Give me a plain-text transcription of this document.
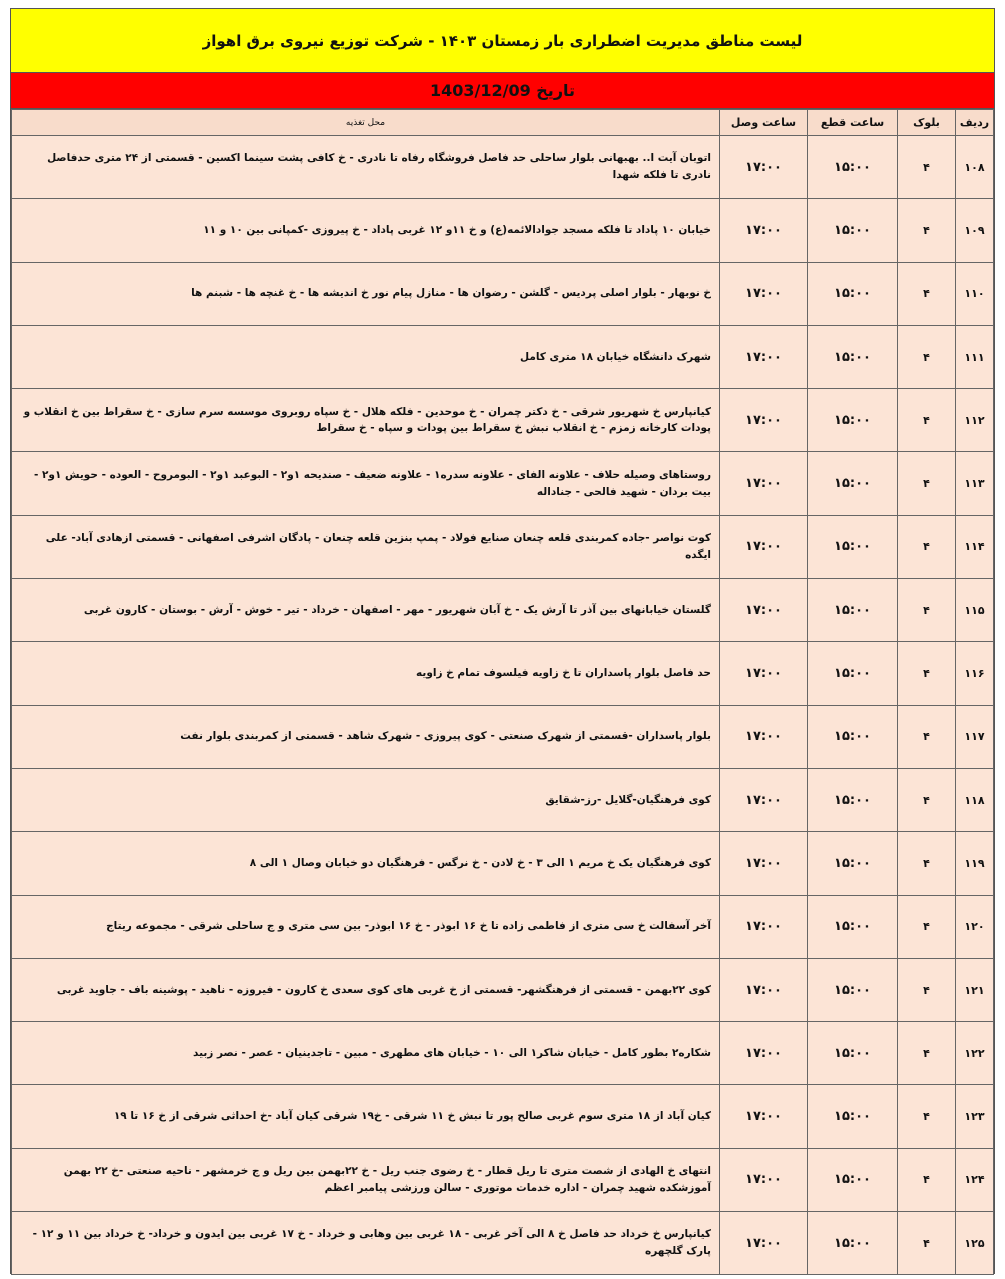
لیست مناطق مدیریت اضطراری بار زمستان ۱۴۰۳ - شرکت توزیع نیروی برق اهواز
تاریخ 1403/12/09
ردیف	بلوک	ساعت قطع	ساعت وصل	محل تغذیه
۱۰۸	۴	۱۵:۰۰	۱۷:۰۰	اتوبان آیت ا.. بهبهانی بلوار ساحلی حد فاصل فروشگاه رفاه تا نادری - خ کافی پشت سینما اکسین - قسمتی از ۲۴ متری حدفاصل نادری تا فلکه شهدا
۱۰۹	۴	۱۵:۰۰	۱۷:۰۰	خیابان ۱۰ پاداد تا فلکه مسجد جوادالائمه(ع) و خ ۱۱و ۱۲ غربی پاداد - خ پیروزی -کمپانی بین ۱۰ و ۱۱
۱۱۰	۴	۱۵:۰۰	۱۷:۰۰	خ نوبهار - بلوار اصلی پردیس - گلشن - رضوان ها - منازل پیام نور خ اندیشه ها - خ غنچه ها - شبنم ها
۱۱۱	۴	۱۵:۰۰	۱۷:۰۰	شهرک دانشگاه خیابان ۱۸ متری کامل
۱۱۲	۴	۱۵:۰۰	۱۷:۰۰	کیانپارس خ شهریور شرقی - خ دکتر چمران - خ موحدین - فلکه هلال - خ سپاه روبروی موسسه سرم سازی - خ سقراط بین خ انقلاب و پودات کارخانه زمزم - خ انقلاب نبش خ سقراط بین پودات و سپاه - خ سقراط
۱۱۳	۴	۱۵:۰۰	۱۷:۰۰	روستاهای وصیله حلاف - علاونه الفای - علاونه سدره۱ - علاونه ضعیف - صندیحه ۱و۲ - البوعبد ۱و۲ - البومروح - العوده - حویش ۱و۲ - بیت بردان - شهید فالحی - جناداله
۱۱۴	۴	۱۵:۰۰	۱۷:۰۰	کوت نواصر -جاده کمربندی قلعه چنعان صنایع فولاد - پمپ بنزین قلعه چنعان - پادگان اشرفی اصفهانی - قسمتی ازهادی آباد- علی ایگده
۱۱۵	۴	۱۵:۰۰	۱۷:۰۰	گلستان خیابانهای بین آذر تا آرش یک - خ آبان شهریور - مهر - اصفهان - خرداد - تیر - خوش - آرش - بوستان - کارون غربی
۱۱۶	۴	۱۵:۰۰	۱۷:۰۰	حد فاصل بلوار پاسداران تا خ زاویه فیلسوف تمام خ زاویه
۱۱۷	۴	۱۵:۰۰	۱۷:۰۰	بلوار پاسداران -قسمتی از شهرک صنعتی - کوی پیروزی - شهرک شاهد - قسمتی از کمربندی بلوار نفت
۱۱۸	۴	۱۵:۰۰	۱۷:۰۰	کوی فرهنگیان-گلایل -رز-شقایق
۱۱۹	۴	۱۵:۰۰	۱۷:۰۰	کوی فرهنگیان یک خ مریم ۱ الی ۳ - خ لادن - خ نرگس - فرهنگیان دو خیابان وصال ۱ الی ۸
۱۲۰	۴	۱۵:۰۰	۱۷:۰۰	آخر آسفالت خ سی متری از فاطمی زاده تا خ ۱۶ ابوذر - خ ۱۶ ابوذر- بین سی متری و ج ساحلی شرقی - مجموعه ریتاج
۱۲۱	۴	۱۵:۰۰	۱۷:۰۰	کوی ۲۲بهمن - قسمتی از فرهنگشهر- قسمتی از خ غربی های کوی سعدی خ کارون - فیروزه - ناهید - پوشینه باف - جاوید غربی
۱۲۲	۴	۱۵:۰۰	۱۷:۰۰	شکاره۲ بطور کامل - خیابان شاکر۱ الی ۱۰ - خیابان های مطهری - مبین - تاجدینیان - عصر - نصر زبید
۱۲۳	۴	۱۵:۰۰	۱۷:۰۰	کیان آباد از ۱۸ متری سوم غربی صالح پور تا نبش خ ۱۱ شرقی - خ۱۹ شرقی کیان آباد -خ احداثی شرقی از خ ۱۶ تا ۱۹
۱۲۴	۴	۱۵:۰۰	۱۷:۰۰	انتهای خ الهادی از شصت متری تا ریل قطار - خ رضوی جنب ریل - خ ۲۲بهمن بین ریل و ج خرمشهر - ناحیه صنعتی -خ ۲۲ بهمن آموزشکده شهید چمران - اداره خدمات موتوری - سالن ورزشی پیامبر اعظم
۱۲۵	۴	۱۵:۰۰	۱۷:۰۰	کیانپارس خ خرداد حد فاصل خ ۸ الی آخر غربی - ۱۸ غربی بین وهابی و خرداد - خ ۱۷ غربی بین ایدون و خرداد- خ خرداد بین ۱۱ و ۱۲ - پارک گلچهره
